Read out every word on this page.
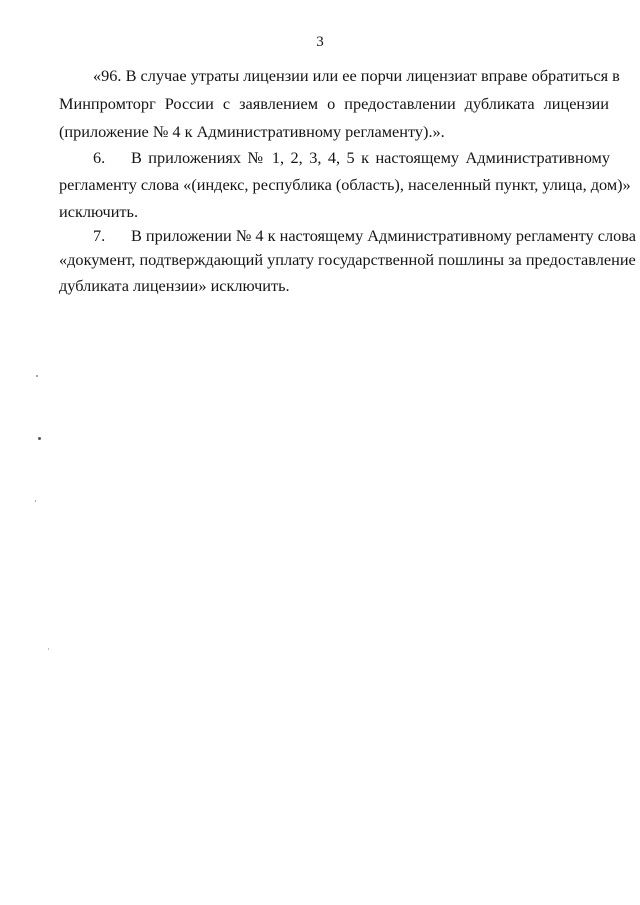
3
«96. В случае утраты лицензии или ее порчи лицензиат вправе обратиться в
Минпромторг России с заявлением о предоставлении дубликата лицензии
(приложение № 4 к Административному регламенту).».
6. В приложениях № 1, 2, 3, 4, 5 к настоящему Административному
регламенту слова «(индекс, республика (область), населенный пункт, улица, дом)»
исключить.
7. В приложении № 4 к настоящему Административному регламенту слова
«документ, подтверждающий уплату государственной пошлины за предоставление
дубликата лицензии» исключить.
